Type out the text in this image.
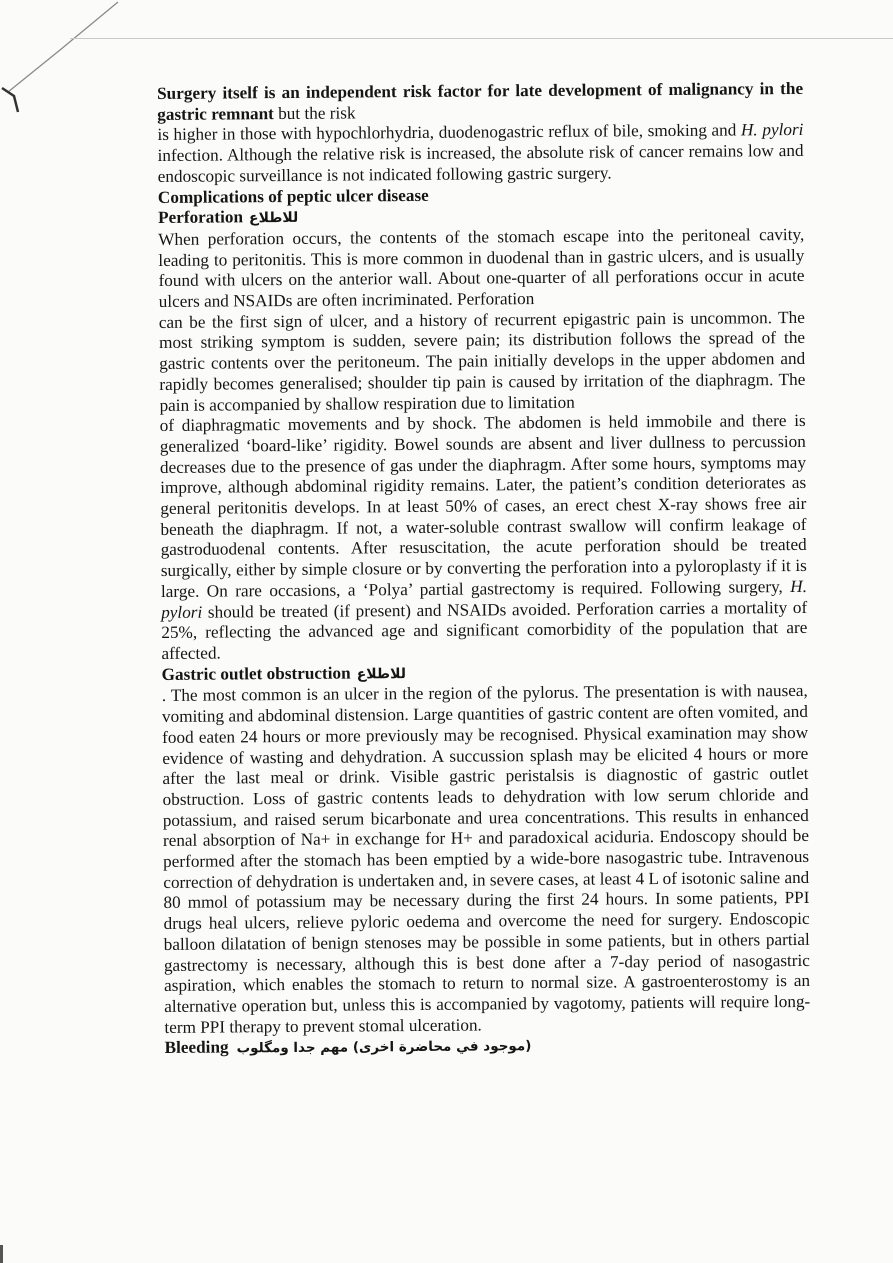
Surgery itself is an independent risk factor for late development of malignancy in the gastric remnant but the risk
is higher in those with hypochlorhydria, duodenogastric reflux of bile, smoking and H. pylori infection. Although the relative risk is increased, the absolute risk of cancer remains low and endoscopic surveillance is not indicated following gastric surgery.

Complications of peptic ulcer disease

Perforation للاطلاع

When perforation occurs, the contents of the stomach escape into the peritoneal cavity, leading to peritonitis. This is more common in duodenal than in gastric ulcers, and is usually found with ulcers on the anterior wall. About one-quarter of all perforations occur in acute ulcers and NSAIDs are often incriminated. Perforation

can be the first sign of ulcer, and a history of recurrent epigastric pain is uncommon. The most striking symptom is sudden, severe pain; its distribution follows the spread of the gastric contents over the peritoneum. The pain initially develops in the upper abdomen and rapidly becomes generalised; shoulder tip pain is caused by irritation of the diaphragm. The pain is accompanied by shallow respiration due to limitation

of diaphragmatic movements and by shock. The abdomen is held immobile and there is generalized ‘board-like’ rigidity. Bowel sounds are absent and liver dullness to percussion decreases due to the presence of gas under the diaphragm. After some hours, symptoms may improve, although abdominal rigidity remains. Later, the patient’s condition deteriorates as general peritonitis develops. In at least 50% of cases, an erect chest X-ray shows free air beneath the diaphragm. If not, a water-soluble contrast swallow will confirm leakage of gastroduodenal contents. After resuscitation, the acute perforation should be treated surgically, either by simple closure or by converting the perforation into a pyloroplasty if it is large. On rare occasions, a ‘Polya’ partial gastrectomy is required. Following surgery, H. pylori should be treated (if present) and NSAIDs avoided. Perforation carries a mortality of 25%, reflecting the advanced age and significant comorbidity of the population that are affected.

Gastric outlet obstruction للاطلاع

. The most common is an ulcer in the region of the pylorus. The presentation is with nausea, vomiting and abdominal distension. Large quantities of gastric content are often vomited, and food eaten 24 hours or more previously may be recognised. Physical examination may show evidence of wasting and dehydration. A succussion splash may be elicited 4 hours or more after the last meal or drink. Visible gastric peristalsis is diagnostic of gastric outlet obstruction. Loss of gastric contents leads to dehydration with low serum chloride and potassium, and raised serum bicarbonate and urea concentrations. This results in enhanced renal absorption of Na+ in exchange for H+ and paradoxical aciduria. Endoscopy should be performed after the stomach has been emptied by a wide-bore nasogastric tube. Intravenous correction of dehydration is undertaken and, in severe cases, at least 4 L of isotonic saline and 80 mmol of potassium may be necessary during the first 24 hours. In some patients, PPI drugs heal ulcers, relieve pyloric oedema and overcome the need for surgery. Endoscopic balloon dilatation of benign stenoses may be possible in some patients, but in others partial gastrectomy is necessary, although this is best done after a 7-day period of nasogastric aspiration, which enables the stomach to return to normal size. A gastroenterostomy is an alternative operation but, unless this is accompanied by vagotomy, patients will require long-term PPI therapy to prevent stomal ulceration.

Bleeding (موجود في محاضرة اخرى) مهم جدا ومگلوب
